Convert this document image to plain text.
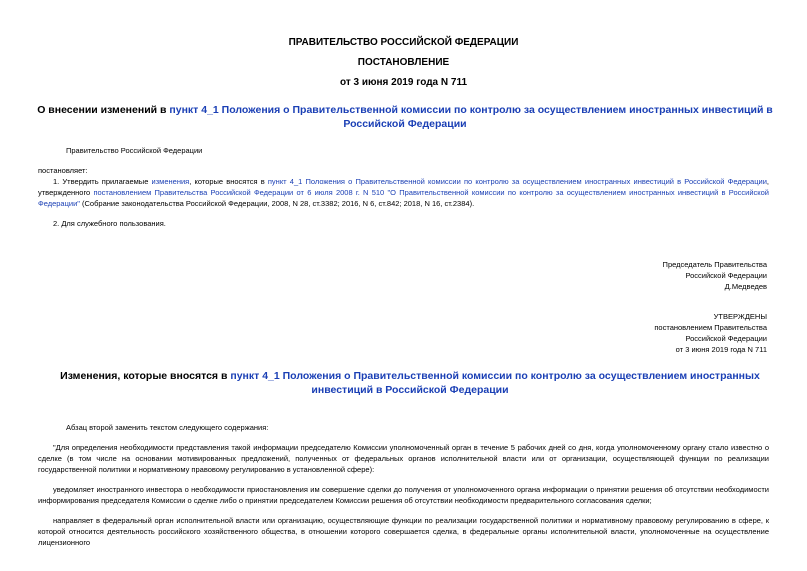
ПРАВИТЕЛЬСТВО РОССИЙСКОЙ ФЕДЕРАЦИИ
ПОСТАНОВЛЕНИЕ
от 3 июня 2019 года N 711
О внесении изменений в пункт 4_1 Положения о Правительственной комиссии по контролю за осуществлением иностранных инвестиций в Российской Федерации
Правительство Российской Федерации
постановляет:
1. Утвердить прилагаемые изменения, которые вносятся в пункт 4_1 Положения о Правительственной комиссии по контролю за осуществлением иностранных инвестиций в Российской Федерации, утвержденного постановлением Правительства Российской Федерации от 6 июля 2008 г. N 510 "О Правительственной комиссии по контролю за осуществлением иностранных инвестиций в Российской Федерации" (Собрание законодательства Российской Федерации, 2008, N 28, ст.3382; 2016, N 6, ст.842; 2018, N 16, ст.2384).
2. Для служебного пользования.
Председатель Правительства
Российской Федерации
Д.Медведев
УТВЕРЖДЕНЫ
постановлением Правительства
Российской Федерации
от 3 июня 2019 года N 711
Изменения, которые вносятся в пункт 4_1 Положения о Правительственной комиссии по контролю за осуществлением иностранных инвестиций в Российской Федерации
Абзац второй заменить текстом следующего содержания:
"Для определения необходимости представления такой информации председателю Комиссии уполномоченный орган в течение 5 рабочих дней со дня, когда уполномоченному органу стало известно о сделке (в том числе на основании мотивированных предложений, полученных от федеральных органов исполнительной власти или от организации, осуществляющей функции по реализации государственной политики и нормативному правовому регулированию в установленной сфере):
уведомляет иностранного инвестора о необходимости приостановления им совершение сделки до получения от уполномоченного органа информации о принятии решения об отсутствии необходимости информирования председателя Комиссии о сделке либо о принятии председателем Комиссии решения об отсутствии необходимости предварительного согласования сделки;
направляет в федеральный орган исполнительной власти или организацию, осуществляющие функции по реализации государственной политики и нормативному правовому регулированию в сфере, к которой относится деятельность российского хозяйственного общества, в отношении которого совершается сделка, в федеральные органы исполнительной власти, уполномоченные на осуществление лицензионного
